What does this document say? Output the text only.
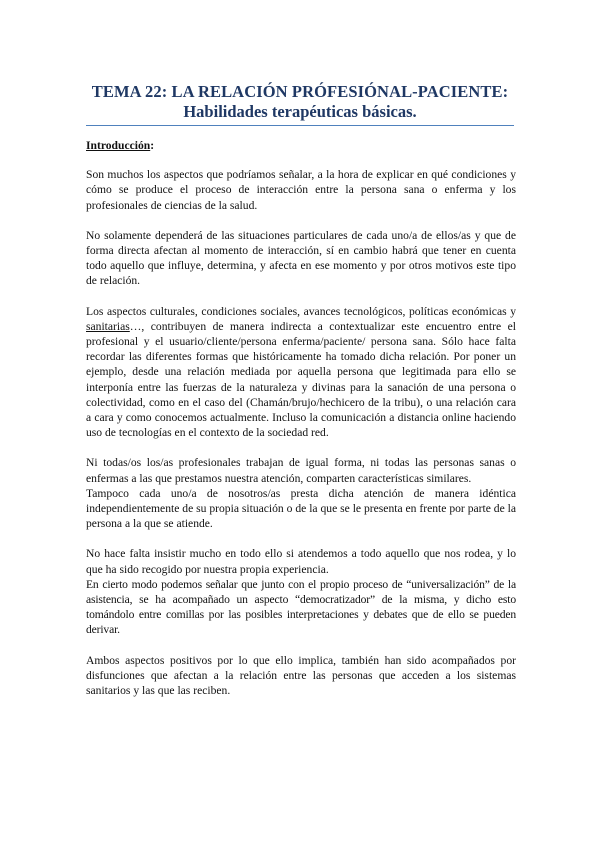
TEMA 22: LA RELACIÓN PRÓFESIÓNAL-PACIENTE:
Habilidades terapéuticas básicas.

Introducción:

Son muchos los aspectos que podríamos señalar, a la hora de explicar en qué condiciones y cómo se produce el proceso de interacción entre la persona sana o enferma y los profesionales de ciencias de la salud.

No solamente dependerá de las situaciones particulares de cada uno/a de ellos/as y que de forma directa afectan al momento de interacción, sí en cambio habrá que tener en cuenta todo aquello que influye, determina, y afecta en ese momento y por otros motivos este tipo de relación.

Los aspectos culturales, condiciones sociales, avances tecnológicos, políticas económicas y sanitarias…, contribuyen de manera indirecta a contextualizar este encuentro entre el profesional y el usuario/cliente/persona enferma/paciente/ persona sana. Sólo hace falta recordar las diferentes formas que históricamente ha tomado dicha relación. Por poner un ejemplo, desde una relación mediada por aquella persona que legitimada para ello se interponía entre las fuerzas de la naturaleza y divinas para la sanación de una persona o colectividad, como en el caso del (Chamán/brujo/hechicero de la tribu), o una relación cara a cara y como conocemos actualmente. Incluso la comunicación a distancia online haciendo uso de tecnologías en el contexto de la sociedad red.

Ni todas/os los/as profesionales trabajan de igual forma, ni todas las personas sanas o enfermas a las que prestamos nuestra atención, comparten características similares.

Tampoco cada uno/a de nosotros/as presta dicha atención de manera idéntica independientemente de su propia situación o de la que se le presenta en frente por parte de la persona a la que se atiende.

No hace falta insistir mucho en todo ello si atendemos a todo aquello que nos rodea, y lo que ha sido recogido por nuestra propia experiencia.

En cierto modo podemos señalar que junto con el propio proceso de “universalización” de la asistencia, se ha acompañado un aspecto “democratizador” de la misma, y dicho esto tomándolo entre comillas por las posibles interpretaciones y debates que de ello se pueden derivar.

Ambos aspectos positivos por lo que ello implica, también han sido acompañados por disfunciones que afectan a la relación entre las personas que acceden a los sistemas sanitarios y las que las reciben.
